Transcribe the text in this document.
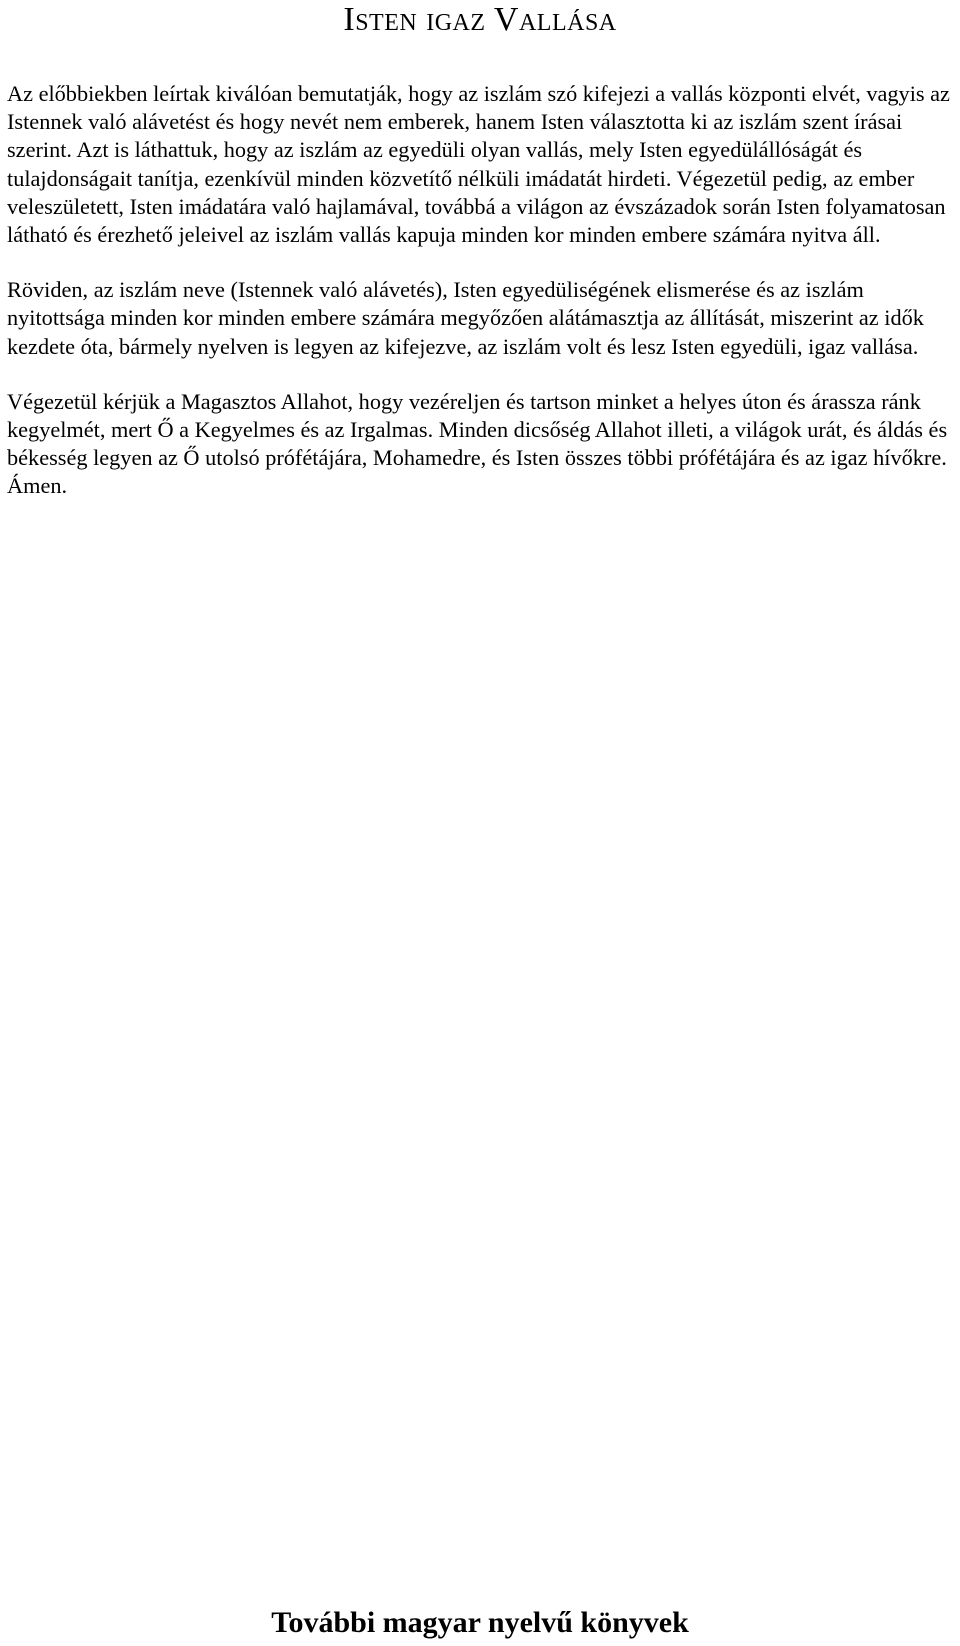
Isten igaz Vallása

Az előbbiekben leírtak kiválóan bemutatják, hogy az iszlám szó kifejezi a vallás központi elvét, vagyis az Istennek való alávetést és hogy nevét nem emberek, hanem Isten választotta ki az iszlám szent írásai szerint. Azt is láthattuk, hogy az iszlám az egyedüli olyan vallás, mely Isten egyedülállóságát és tulajdonságait tanítja, ezenkívül minden közvetítő nélküli imádatát hirdeti. Végezetül pedig, az ember veleszületett, Isten imádatára való hajlamával, továbbá a világon az évszázadok során Isten folyamatosan látható és érezhető jeleivel az iszlám vallás kapuja minden kor minden embere számára nyitva áll.

Röviden, az iszlám neve (Istennek való alávetés), Isten egyedüliségének elismerése és az iszlám nyitottsága minden kor minden embere számára megyőzően alátámasztja az állítását, miszerint az idők kezdete óta, bármely nyelven is legyen az kifejezve, az iszlám volt és lesz Isten egyedüli, igaz vallása.

Végezetül kérjük a Magasztos Allahot, hogy vezéreljen és tartson minket a helyes úton és árassza ránk kegyelmét, mert Ő a Kegyelmes és az Irgalmas. Minden dicsőség Allahot illeti, a világok urát, és áldás és békesség legyen az Ő utolsó prófétájára, Mohamedre, és Isten összes többi prófétájára és az igaz hívőkre. Ámen.

További magyar nyelvű könyvek
